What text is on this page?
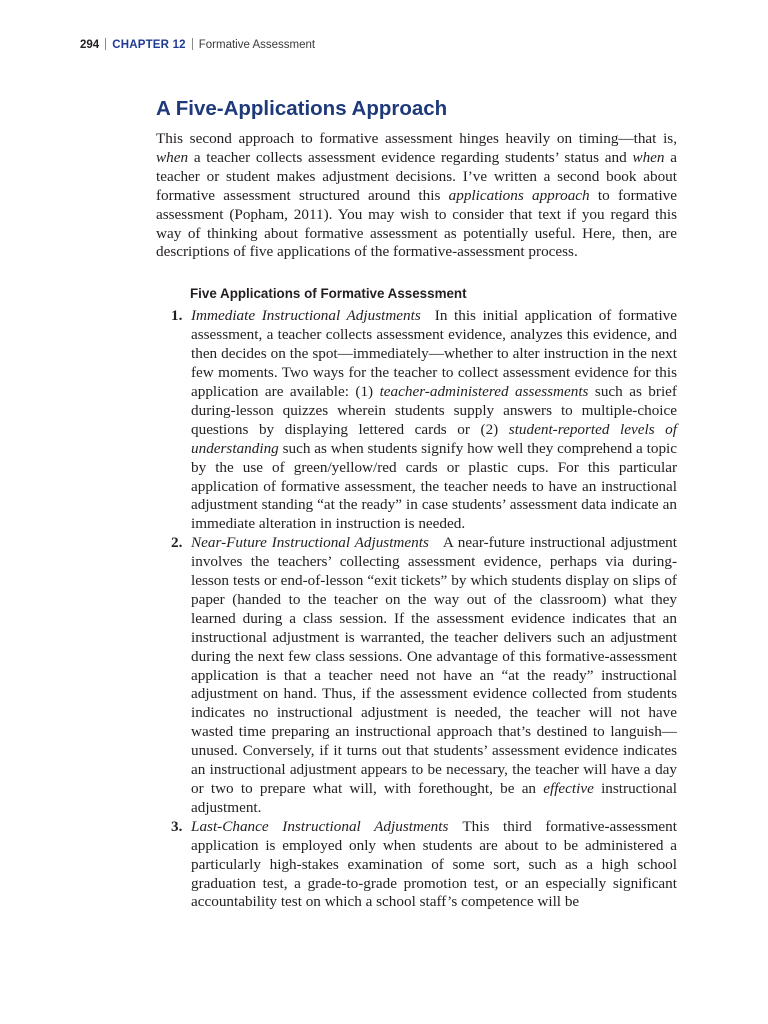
294 CHAPTER 12 Formative Assessment
A Five-Applications Approach

This second approach to formative assessment hinges heavily on timing—that is, when a teacher collects assessment evidence regarding students’ status and when a teacher or student makes adjustment decisions. I’ve written a second book about formative assessment structured around this applications approach to formative assessment (Popham, 2011). You may wish to consider that text if you regard this way of thinking about formative assessment as potentially useful. Here, then, are descriptions of five applications of the formative-assessment process.

Five Applications of Formative Assessment
1. Immediate Instructional Adjustments In this initial application of formative assessment, a teacher collects assessment evidence, analyzes this evidence, and then decides on the spot—immediately—whether to alter instruction in the next few moments. Two ways for the teacher to collect assessment evidence for this application are available: (1) teacher-administered assessments such as brief during-lesson quizzes wherein students supply answers to multiple-choice questions by displaying lettered cards or (2) student-reported levels of understanding such as when students signify how well they comprehend a topic by the use of green/yellow/red cards or plastic cups. For this particular application of formative assessment, the teacher needs to have an instructional adjustment standing “at the ready” in case students’ assessment data indicate an immediate alteration in instruction is needed.
2. Near-Future Instructional Adjustments A near-future instructional adjustment involves the teachers’ collecting assessment evidence, perhaps via during-lesson tests or end-of-lesson “exit tickets” by which students display on slips of paper (handed to the teacher on the way out of the classroom) what they learned during a class session. If the assessment evidence indicates that an instructional adjustment is warranted, the teacher delivers such an adjustment during the next few class sessions. One advantage of this formative-assessment application is that a teacher need not have an “at the ready” instructional adjustment on hand. Thus, if the assessment evidence collected from students indicates no instructional adjustment is needed, the teacher will not have wasted time preparing an instructional approach that’s destined to languish—unused. Conversely, if it turns out that students’ assessment evidence indicates an instructional adjustment appears to be necessary, the teacher will have a day or two to prepare what will, with forethought, be an effective instructional adjustment.
3. Last-Chance Instructional Adjustments This third formative-assessment application is employed only when students are about to be administered a particularly high-stakes examination of some sort, such as a high school graduation test, a grade-to-grade promotion test, or an especially significant accountability test on which a school staff’s competence will be
